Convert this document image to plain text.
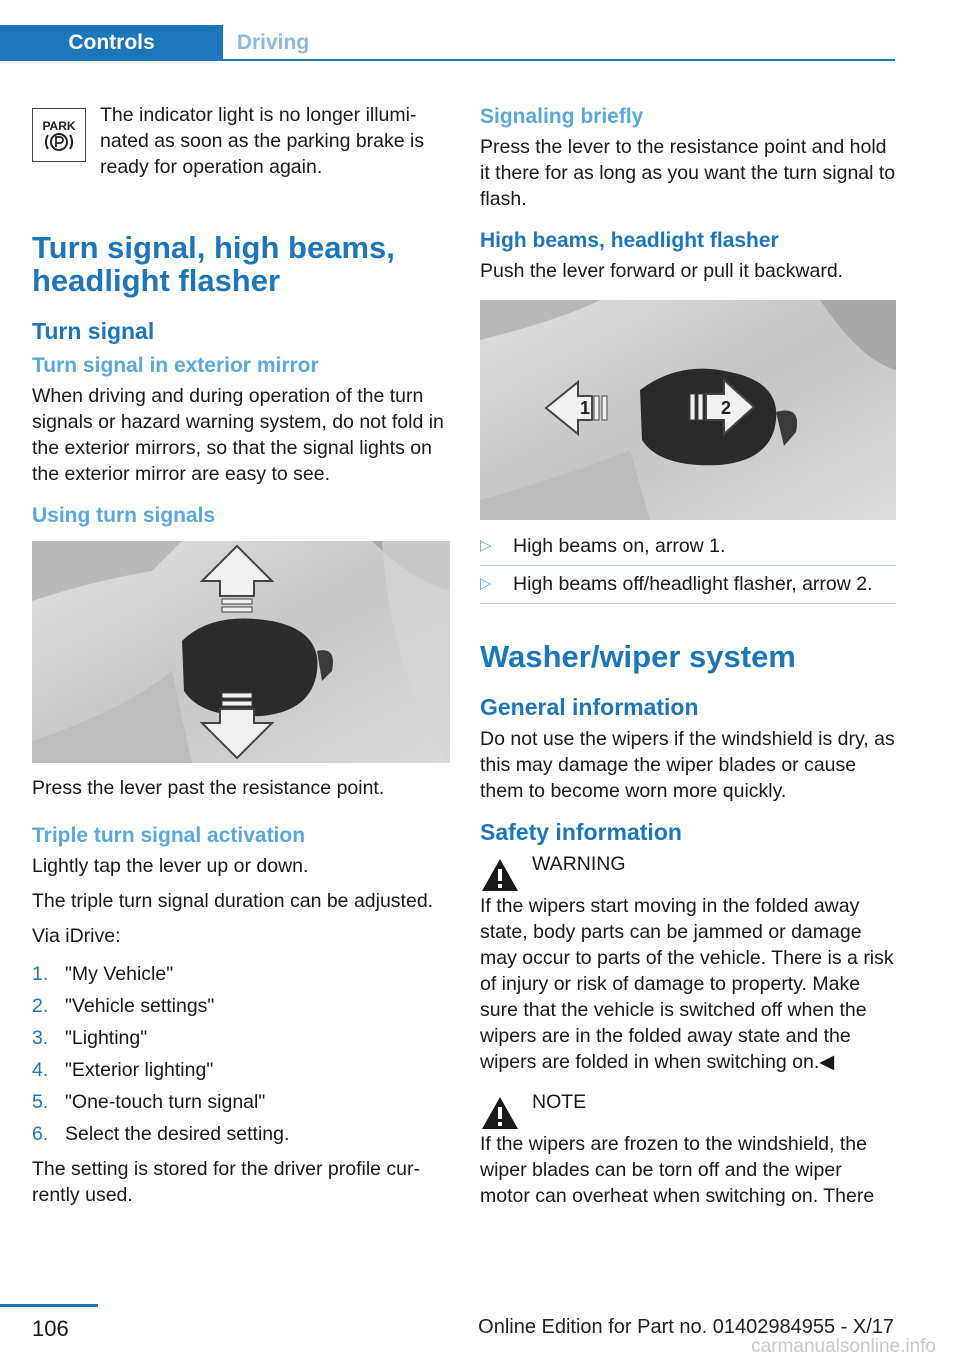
Controls	Driving
PARK The indicator light is no longer illuminated as soon as the parking brake is ready for operation again.

Turn signal, high beams, headlight flasher
Turn signal
Turn signal in exterior mirror

When driving and during operation of the turn signals or hazard warning system, do not fold in the exterior mirrors, so that the signal lights on the exterior mirror are easy to see.

Using turn signals

Press the lever past the resistance point.

Triple turn signal activation

Lightly tap the lever up or down.

The triple turn signal duration can be adjusted.

Via iDrive:

1. "My Vehicle"
2. "Vehicle settings"
3. "Lighting"
4. "Exterior lighting"
5. "One-touch turn signal"
6. Select the desired setting.

The setting is stored for the driver profile currently used.

Signaling briefly

Press the lever to the resistance point and hold it there for as long as you want the turn signal to flash.

High beams, headlight flasher

Push the lever forward or pull it backward.

1	2
▷	High beams on, arrow 1.
▷	High beams off/headlight flasher, arrow 2.
Washer/wiper system
General information

Do not use the wipers if the windshield is dry, as this may damage the wiper blades or cause them to become worn more quickly.

Safety information

WARNING

If the wipers start moving in the folded away state, body parts can be jammed or damage may occur to parts of the vehicle. There is a risk of injury or risk of damage to property. Make sure that the vehicle is switched off when the wipers are in the folded away state and the wipers are folded in when switching on.◀

NOTE

If the wipers are frozen to the windshield, the wiper blades can be torn off and the wiper motor can overheat when switching on. There

106	Online Edition for Part no. 01402984955 - X/17
carmanualsonline.info
